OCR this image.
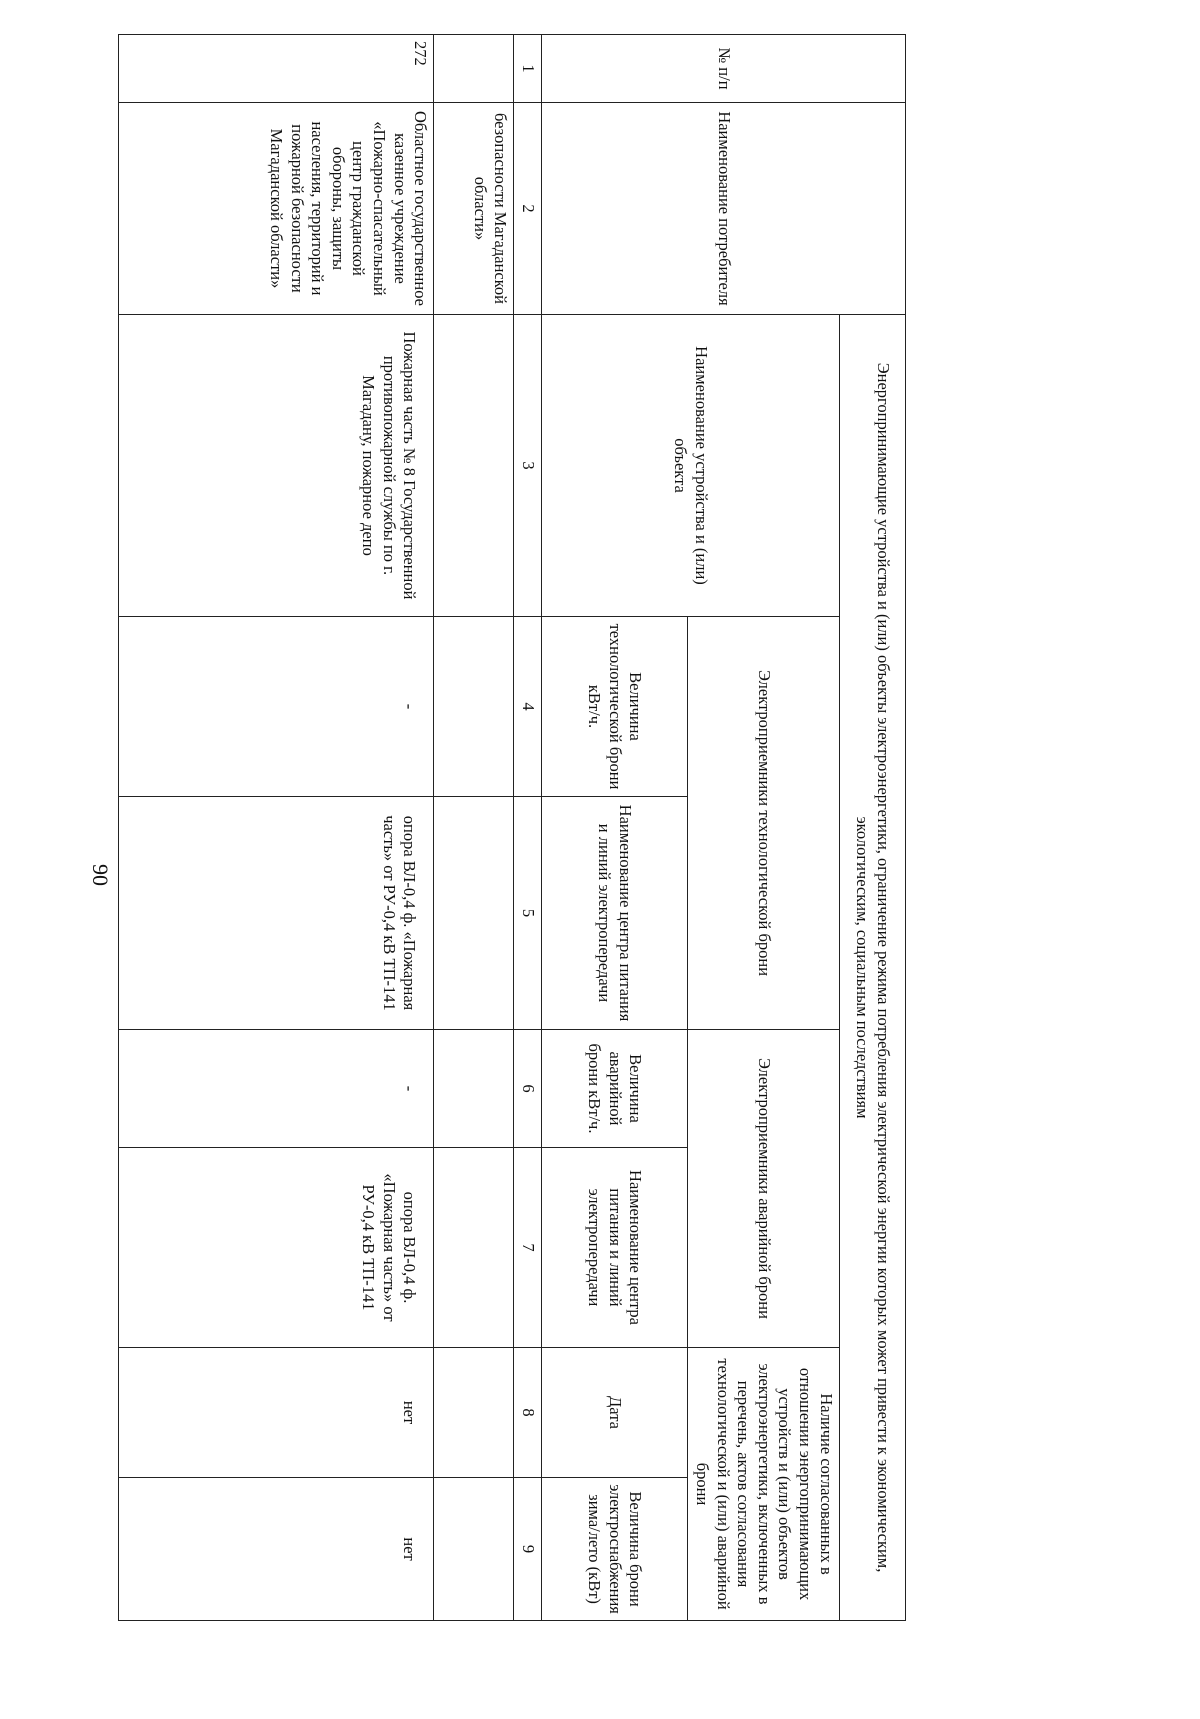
90
№ п/п	Наименование потребителя	Энергопринимающие устройства и (или) объекты электроэнергетики, ограничение режима потребления электрической энергии которых может привести к экономическим, экологическим, социальным последствиям						
		Наименование устройства и (или) объекта	Электроприемники технологической брони		Электроприемники аварийной брони		Наличие согласованных в отношении энергопринимающих устройств и (или) объектов электроэнергетики, включенных в перечень, актов согласования технологической и (или) аварийной брони	
			Величина технологической брони кВт/ч.	Наименование центра питания и линий электропередачи	Величина аварийной брони кВт/ч.	Наименование центра питания и линий электропередачи	Дата	Величина брони электроснабжения зима/лето (кВт)
1	2	3	4	5	6	7	8	9
	безопасности Магаданской области»							
272	Областное государственное казенное учреждение «Пожарно-спасательный центр гражданской обороны, защиты населения, территорий и пожарной безопасности Магаданской области»	Пожарная часть № 8 Государственной противопожарной службы по г. Магадану, пожарное депо	-	опора ВЛ-0,4 ф. «Пожарная часть» от РУ-0,4 кВ ТП-141	-	опора ВЛ-0,4 ф. «Пожарная часть» от РУ-0,4 кВ ТП-141	нет	нет
